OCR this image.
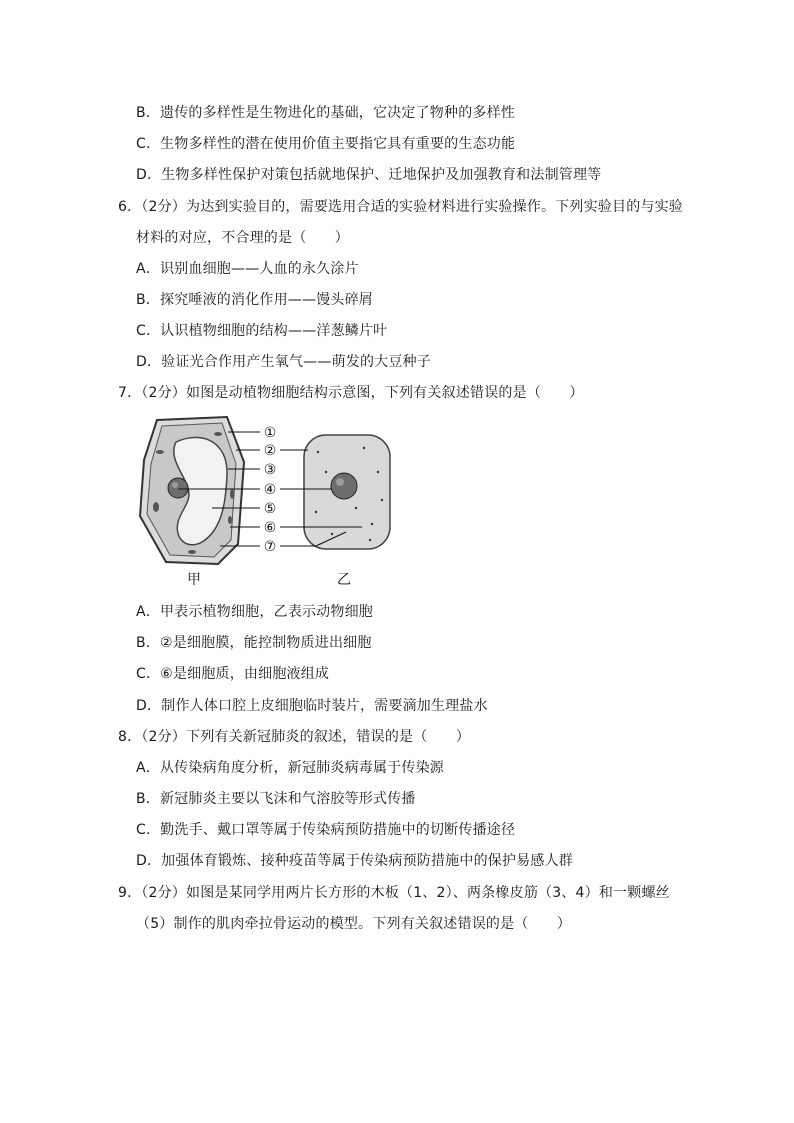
B．遗传的多样性是生物进化的基础，它决定了物种的多样性
C．生物多样性的潜在使用价值主要指它具有重要的生态功能
D．生物多样性保护对策包括就地保护、迁地保护及加强教育和法制管理等
6．（2分）为达到实验目的，需要选用合适的实验材料进行实验操作。下列实验目的与实验
材料的对应，不合理的是（　　）
A．识别血细胞——人血的永久涂片
B．探究唾液的消化作用——馒头碎屑
C．认识植物细胞的结构——洋葱鳞片叶
D．验证光合作用产生氧气——萌发的大豆种子
7．（2分）如图是动植物细胞结构示意图，下列有关叙述错误的是（　　）
①
②
③
④
⑤
⑥
⑦
甲	乙
A．甲表示植物细胞，乙表示动物细胞
B．②是细胞膜，能控制物质进出细胞
C．⑥是细胞质，由细胞液组成
D．制作人体口腔上皮细胞临时装片，需要滴加生理盐水
8．（2分）下列有关新冠肺炎的叙述，错误的是（　　）
A．从传染病角度分析，新冠肺炎病毒属于传染源
B．新冠肺炎主要以飞沫和气溶胶等形式传播
C．勤洗手、戴口罩等属于传染病预防措施中的切断传播途径
D．加强体育锻炼、接种疫苗等属于传染病预防措施中的保护易感人群
9．（2分）如图是某同学用两片长方形的木板（1、2）、两条橡皮筋（3、4）和一颗螺丝
（5）制作的肌肉牵拉骨运动的模型。下列有关叙述错误的是（　　）
